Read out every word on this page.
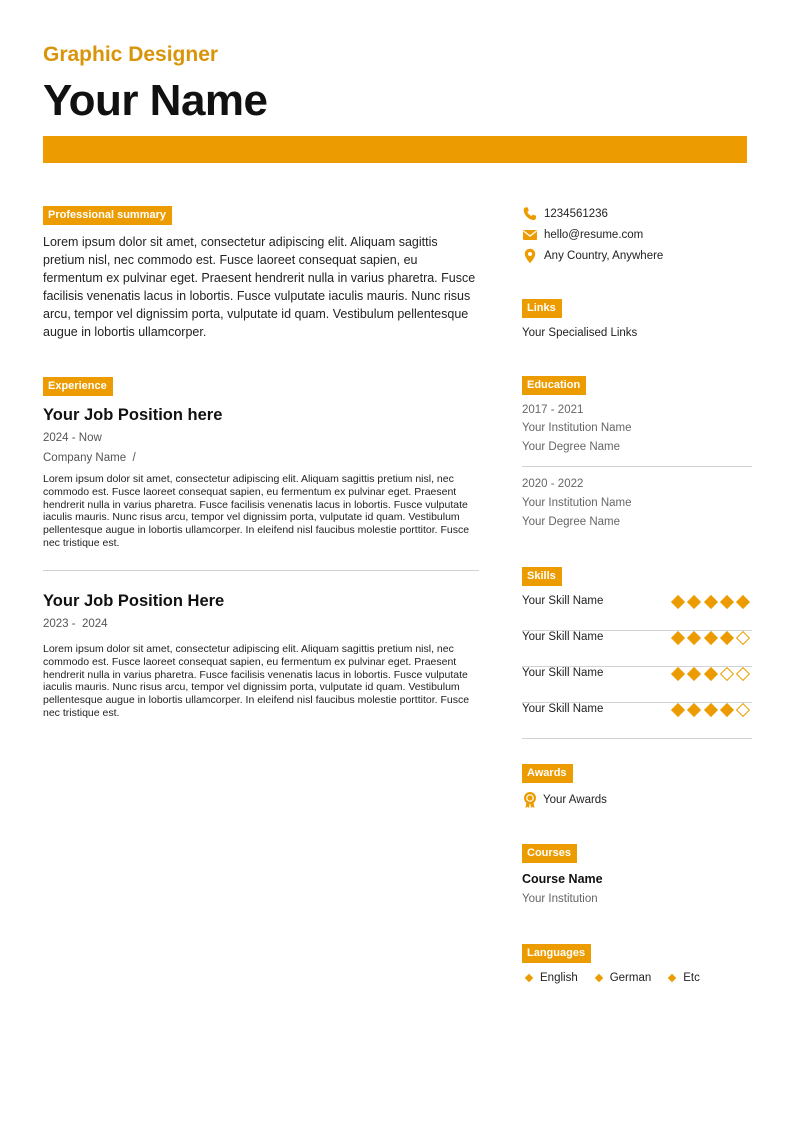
Graphic Designer
Your Name
Professional summary
Lorem ipsum dolor sit amet, consectetur adipiscing elit. Aliquam sagittis pretium nisl, nec commodo est. Fusce laoreet consequat sapien, eu fermentum ex pulvinar eget. Praesent hendrerit nulla in varius pharetra. Fusce facilisis venenatis lacus in lobortis. Fusce vulputate iaculis mauris. Nunc risus arcu, tempor vel dignissim porta, vulputate id quam. Vestibulum pellentesque augue in lobortis ullamcorper.
Experience
Your Job Position here
2024 - Now
Company Name  /
Lorem ipsum dolor sit amet, consectetur adipiscing elit. Aliquam sagittis pretium nisl, nec commodo est. Fusce laoreet consequat sapien, eu fermentum ex pulvinar eget. Praesent hendrerit nulla in varius pharetra. Fusce facilisis venenatis lacus in lobortis. Fusce vulputate iaculis mauris. Nunc risus arcu, tempor vel dignissim porta, vulputate id quam. Vestibulum pellentesque augue in lobortis ullamcorper. In eleifend nisl faucibus molestie porttitor. Fusce nec tristique est.
Your Job Position Here
2023 -  2024
Lorem ipsum dolor sit amet, consectetur adipiscing elit. Aliquam sagittis pretium nisl, nec commodo est. Fusce laoreet consequat sapien, eu fermentum ex pulvinar eget. Praesent hendrerit nulla in varius pharetra. Fusce facilisis venenatis lacus in lobortis. Fusce vulputate iaculis mauris. Nunc risus arcu, tempor vel dignissim porta, vulputate id quam. Vestibulum pellentesque augue in lobortis ullamcorper. In eleifend nisl faucibus molestie porttitor. Fusce nec tristique est.
1234561236
hello@resume.com
Any Country, Anywhere
Links
Your Specialised Links
Education
2017 - 2021
Your Institution Name
Your Degree Name
2020 - 2022
Your Institution Name
Your Degree Name
Skills
Your Skill Name
Your Skill Name
Your Skill Name
Your Skill Name
Awards
Your Awards
Courses
Course Name
Your Institution
Languages
English	German	Etc
